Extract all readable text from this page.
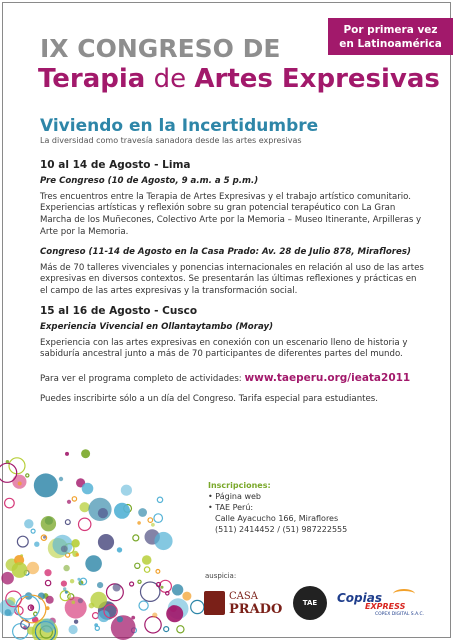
Por primera vez
en Latinoamérica
IX CONGRESO DE
Terapia de Artes Expresivas
Viviendo en la Incertidumbre
La diversidad como travesía sanadora desde las artes expresivas

10 al 14 de Agosto - Lima

Pre Congreso (10 de Agosto, 9 a.m. a 5 p.m.)

Tres encuentros entre la Terapia de Artes Expresivas y el trabajo artístico comunitario. Experiencias artísticas y reflexión sobre su gran potencial terapéutico con La Gran Marcha de los Muñecones, Colectivo Arte por la Memoria – Museo Itinerante, Arpilleras y Arte por la Memoria.

Congreso (11-14 de Agosto en la Casa Prado: Av. 28 de Julio 878, Miraflores)

Más de 70 talleres vivenciales y ponencias internacionales en relación al uso de las artes expresivas en diversos contextos. Se presentarán las últimas reflexiones y prácticas en el campo de las artes expresivas y la transformación social.

15 al 16 de Agosto - Cusco

Experiencia Vivencial en Ollantaytambo (Moray)

Experiencia con las artes expresivas en conexión con un escenario lleno de historia y sabiduría ancestral junto a más de 70 participantes de diferentes partes del mundo.

Para ver el programa completo de actividades: www.taeperu.org/ieata2011

Puedes inscribirte sólo a un día del Congreso. Tarifa especial para estudiantes.

Inscripciones:
• Página web
• TAE Perú:
Calle Ayacucho 166, Miraflores
(511) 2414452 / (51) 987222555
auspicia:
CASA
PRADO	TAE Copias
EXPRESS
COPEX DIGITAL S.A.C.
